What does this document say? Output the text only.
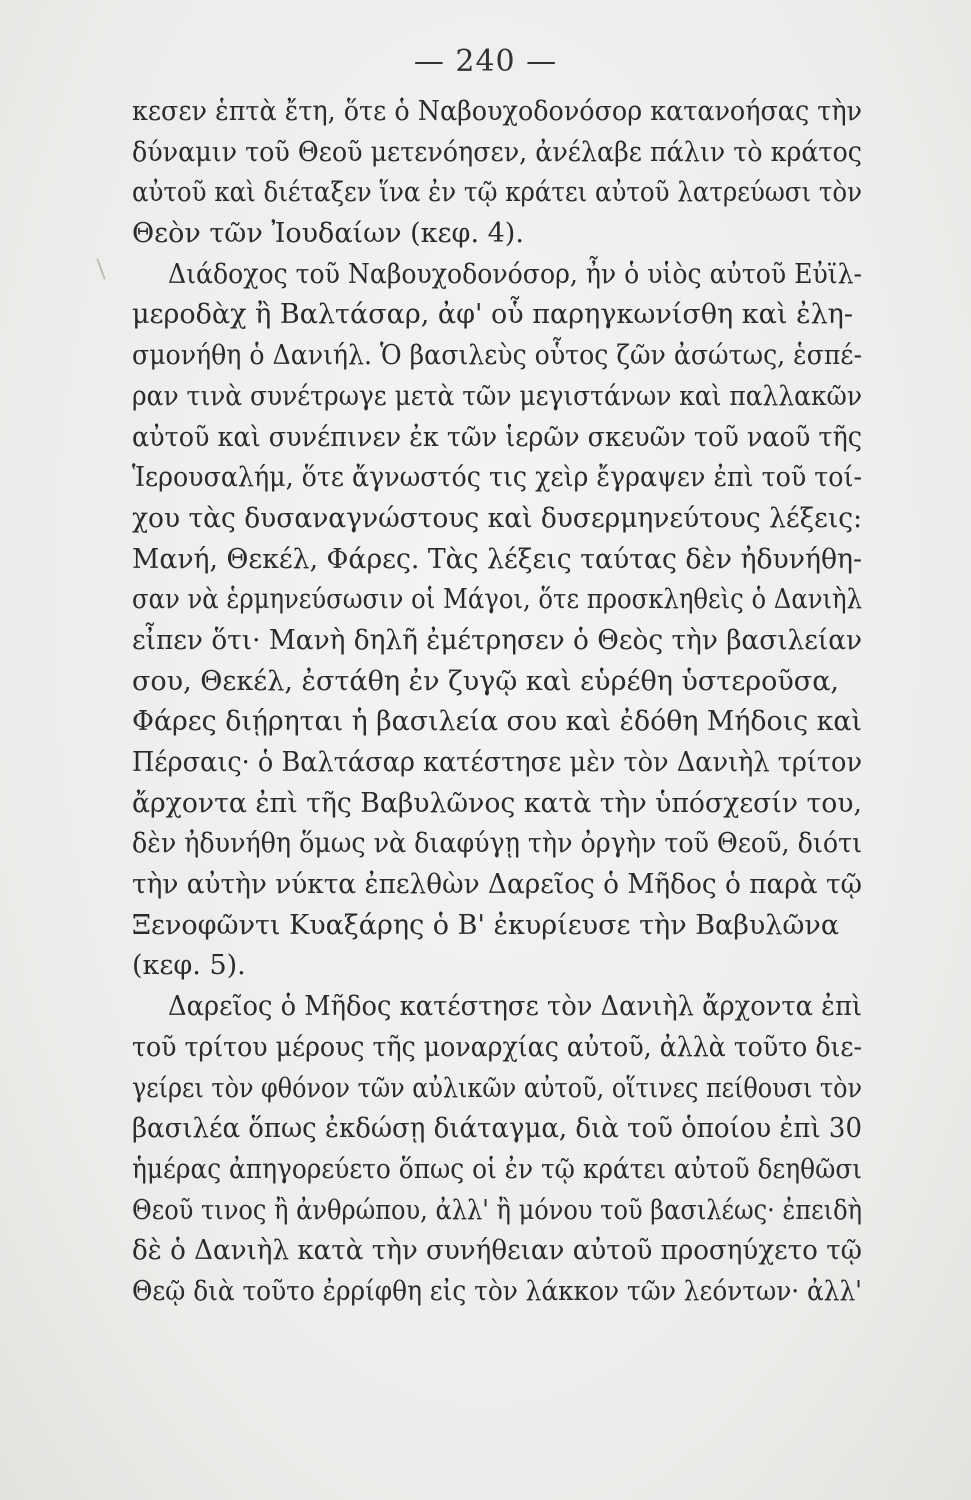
— 240 —
κεσεν ἑπτὰ ἔτη, ὅτε ὁ Ναβουχοδονόσορ κατανοήσας τὴν
δύναμιν τοῦ Θεοῦ μετενόησεν, ἀνέλαβε πάλιν τὸ κράτος
αὐτοῦ καὶ διέταξεν ἵνα ἐν τῷ κράτει αὐτοῦ λατρεύωσι τὸν
Θεὸν τῶν Ἰουδαίων (κεφ. 4).
Διάδοχος τοῦ Ναβουχοδονόσορ, ἦν ὁ υἱὸς αὐτοῦ Εὐϊλ-
μεροδὰχ ἢ Βαλτάσαρ, ἀφ' οὗ παρηγκωνίσθη καὶ ἐλη-
σμονήθη ὁ Δανιήλ. Ὁ βασιλεὺς οὗτος ζῶν ἀσώτως, ἑσπέ-
ραν τινὰ συνέτρωγε μετὰ τῶν μεγιστάνων καὶ παλλακῶν
αὐτοῦ καὶ συνέπινεν ἐκ τῶν ἱερῶν σκευῶν τοῦ ναοῦ τῆς
Ἱερουσαλήμ, ὅτε ἄγνωστός τις χεὶρ ἔγραψεν ἐπὶ τοῦ τοί-
χου τὰς δυσαναγνώστους καὶ δυσερμηνεύτους λέξεις:
Μανή, Θεκέλ, Φάρες. Τὰς λέξεις ταύτας δὲν ἠδυνήθη-
σαν νὰ ἑρμηνεύσωσιν οἱ Μάγοι, ὅτε προσκληθεὶς ὁ Δανιὴλ
εἶπεν ὅτι· Μανὴ δηλῆ ἐμέτρησεν ὁ Θεὸς τὴν βασιλείαν
σου, Θεκέλ, ἐστάθη ἐν ζυγῷ καὶ εὑρέθη ὑστεροῦσα,
Φάρες διῄρηται ἡ βασιλεία σου καὶ ἐδόθη Μήδοις καὶ
Πέρσαις· ὁ Βαλτάσαρ κατέστησε μὲν τὸν Δανιὴλ τρίτον
ἄρχοντα ἐπὶ τῆς Βαβυλῶνος κατὰ τὴν ὑπόσχεσίν του,
δὲν ἠδυνήθη ὅμως νὰ διαφύγῃ τὴν ὀργὴν τοῦ Θεοῦ, διότι
τὴν αὐτὴν νύκτα ἐπελθὼν Δαρεῖος ὁ Μῆδος ὁ παρὰ τῷ
Ξενοφῶντι Κυαξάρης ὁ Β' ἐκυρίευσε τὴν Βαβυλῶνα
(κεφ. 5).
Δαρεῖος ὁ Μῆδος κατέστησε τὸν Δανιὴλ ἄρχοντα ἐπὶ
τοῦ τρίτου μέρους τῆς μοναρχίας αὐτοῦ, ἀλλὰ τοῦτο διε-
γείρει τὸν φθόνον τῶν αὐλικῶν αὐτοῦ, οἵτινες πείθουσι τὸν
βασιλέα ὅπως ἐκδώσῃ διάταγμα, διὰ τοῦ ὁποίου ἐπὶ 30
ἡμέρας ἀπηγορεύετο ὅπως οἱ ἐν τῷ κράτει αὐτοῦ δεηθῶσι
Θεοῦ τινος ἢ ἀνθρώπου, ἀλλ' ἢ μόνου τοῦ βασιλέως· ἐπειδὴ
δὲ ὁ Δανιὴλ κατὰ τὴν συνήθειαν αὐτοῦ προσηύχετο τῷ
Θεῷ διὰ τοῦτο ἐρρίφθη εἰς τὸν λάκκον τῶν λεόντων· ἀλλ'
